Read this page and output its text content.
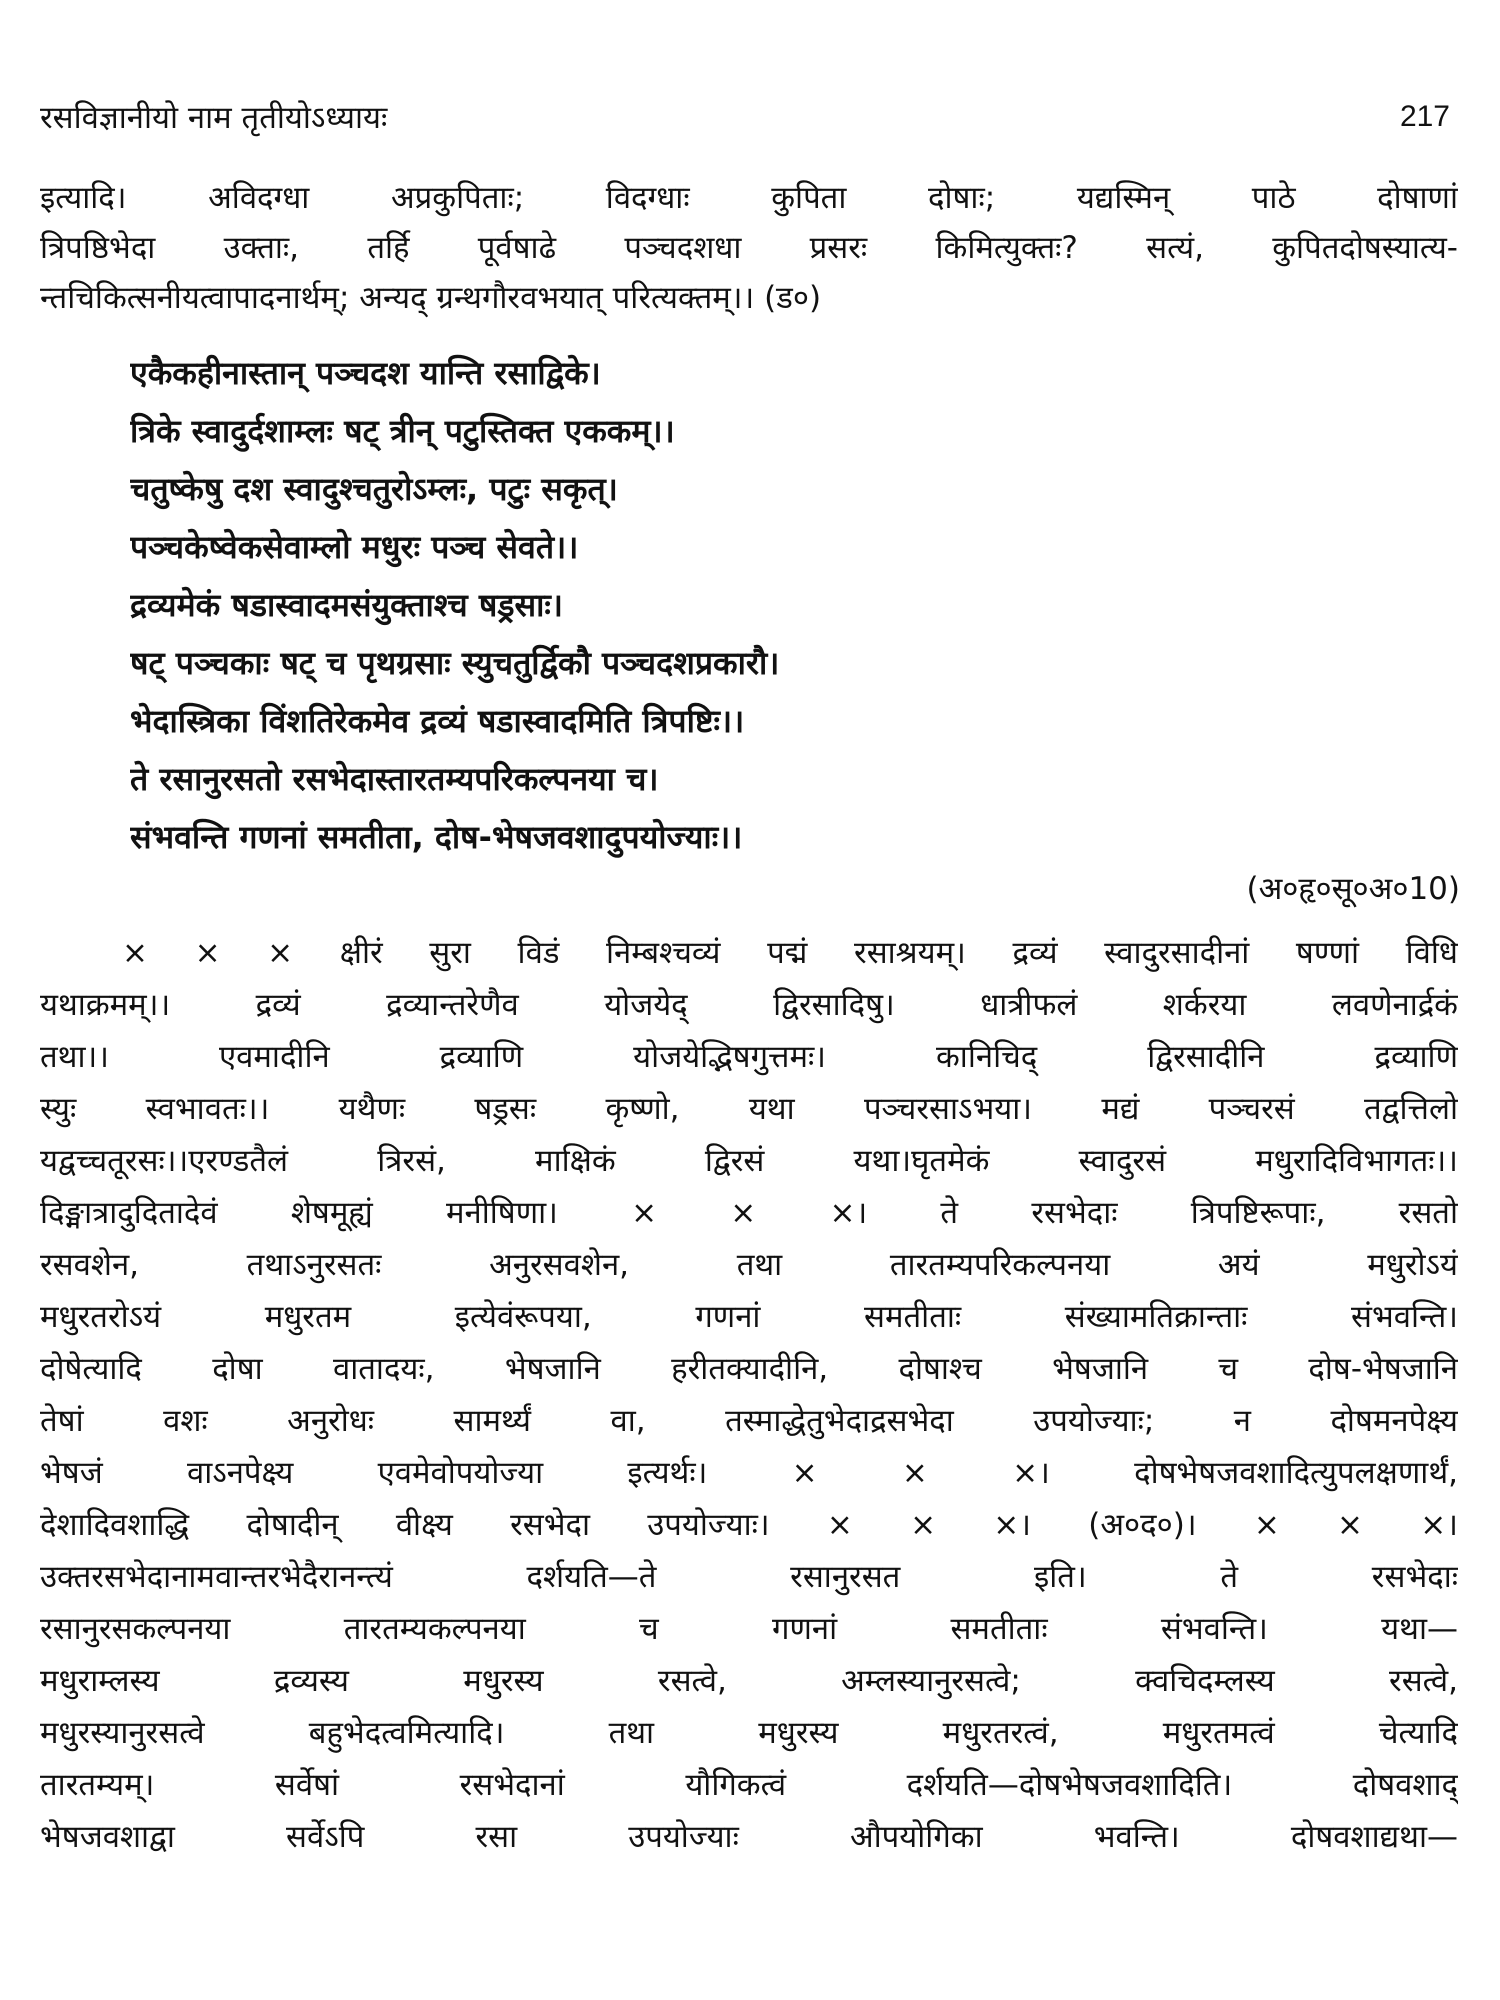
रसविज्ञानीयो नाम तृतीयोऽध्यायः	217
इत्यादि। अविदग्धा अप्रकुपिताः; विदग्धाः कुपिता दोषाः; यद्यस्मिन् पाठे दोषाणां
त्रिपष्ठिभेदा उक्ताः, तर्हि पूर्वषाढे पञ्चदशधा प्रसरः किमित्युक्तः? सत्यं, कुपितदोषस्यात्य-
न्तचिकित्सनीयत्वापादनार्थम्; अन्यद् ग्रन्थगौरवभयात् परित्यक्तम्।। (ड०)
एकैकहीनास्तान् पञ्चदश यान्ति रसाद्विके।
त्रिके स्वादुर्दशाम्लः षट् त्रीन् पटुस्तिक्त एककम्।।
चतुष्केषु दश स्वादुश्चतुरोऽम्लः, पटुः सकृत्।
पञ्चकेष्वेकसेवाम्लो मधुरः पञ्च सेवते।।
द्रव्यमेकं षडास्वादमसंयुक्ताश्च षड्रसाः।
षट् पञ्चकाः षट् च पृथग्रसाः स्युचतुर्द्विकौ पञ्चदशप्रकारौ।
भेदास्त्रिका विंशतिरेकमेव द्रव्यं षडास्वादमिति त्रिपष्टिः।।
ते रसानुरसतो रसभेदास्तारतम्यपरिकल्पनया च।
संभवन्ति गणनां समतीता, दोष-भेषजवशादुपयोज्याः।।
(अ०हृ०सू०अ०10)
× × × क्षीरं सुरा विडं निम्बश्चव्यं पद्मं रसाश्रयम्। द्रव्यं स्वादुरसादीनां षण्णां विधि
यथाक्रमम्।। द्रव्यं द्रव्यान्तरेणैव योजयेद् द्विरसादिषु। धात्रीफलं शर्करया लवणेनार्द्रकं
तथा।। एवमादीनि द्रव्याणि योजयेद्भिषगुत्तमः। कानिचिद् द्विरसादीनि द्रव्याणि
स्युः स्वभावतः।। यथैणः षड्रसः कृष्णो, यथा पञ्चरसाऽभया। मद्यं पञ्चरसं तद्वत्तिलो
यद्वच्चतूरसः।।एरण्डतैलं त्रिरसं, माक्षिकं द्विरसं यथा।घृतमेकं स्वादुरसं मधुरादिविभागतः।।
दिङ्मात्रादुदितादेवं शेषमूह्यं मनीषिणा। × × ×। ते रसभेदाः त्रिपष्टिरूपाः, रसतो
रसवशेन, तथाऽनुरसतः अनुरसवशेन, तथा तारतम्यपरिकल्पनया अयं मधुरोऽयं
मधुरतरोऽयं मधुरतम इत्येवंरूपया, गणनां समतीताः संख्यामतिक्रान्ताः संभवन्ति।
दोषेत्यादि दोषा वातादयः, भेषजानि हरीतक्यादीनि, दोषाश्च भेषजानि च दोष-भेषजानि
तेषां वशः अनुरोधः सामर्थ्यं वा, तस्माद्धेतुभेदाद्रसभेदा उपयोज्याः; न दोषमनपेक्ष्य
भेषजं वाऽनपेक्ष्य एवमेवोपयोज्या इत्यर्थः। × × ×। दोषभेषजवशादित्युपलक्षणार्थं,
देशादिवशाद्धि दोषादीन् वीक्ष्य रसभेदा उपयोज्याः। × × ×। (अ०द०)। × × ×।
उक्तरसभेदानामवान्तरभेदैरानन्त्यं दर्शयति—ते रसानुरसत इति। ते रसभेदाः
रसानुरसकल्पनया तारतम्यकल्पनया च गणनां समतीताः संभवन्ति। यथा—
मधुराम्लस्य द्रव्यस्य मधुरस्य रसत्वे, अम्लस्यानुरसत्वे; क्वचिदम्लस्य रसत्वे,
मधुरस्यानुरसत्वे बहुभेदत्वमित्यादि। तथा मधुरस्य मधुरतरत्वं, मधुरतमत्वं चेत्यादि
तारतम्यम्। सर्वेषां रसभेदानां यौगिकत्वं दर्शयति—दोषभेषजवशादिति। दोषवशाद्
भेषजवशाद्वा सर्वेऽपि रसा उपयोज्याः औपयोगिका भवन्ति। दोषवशाद्यथा—
